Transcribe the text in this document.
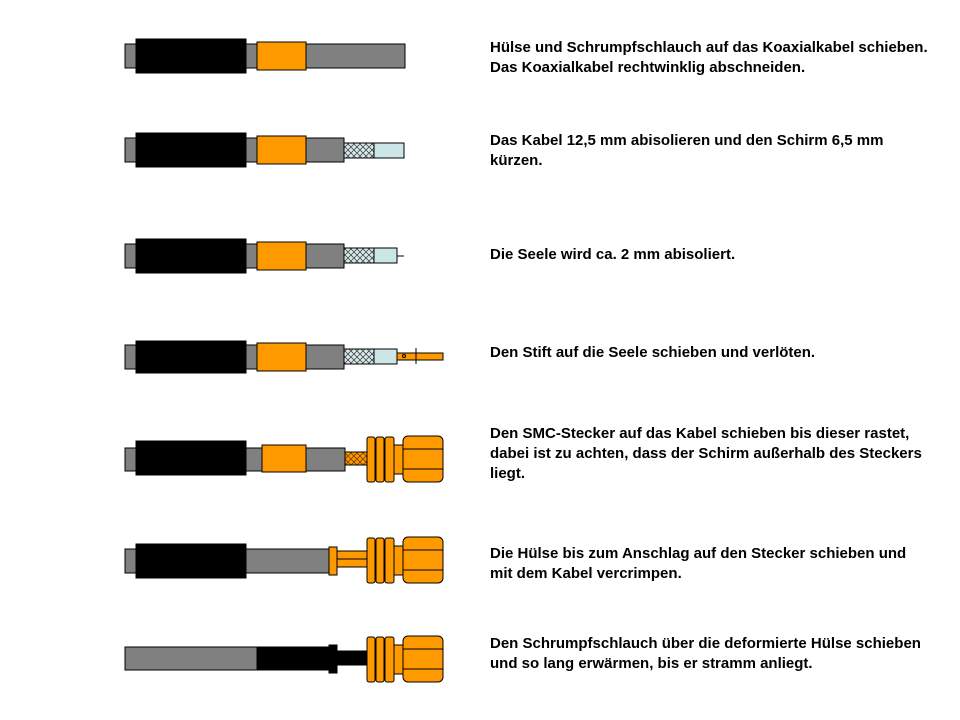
Hülse und Schrumpfschlauch auf das Koaxialkabel schieben. Das Koaxialkabel rechtwinklig abschneiden.
Das Kabel 12,5 mm abisolieren und den Schirm 6,5 mm kürzen.
Die Seele wird ca. 2 mm abisoliert.
Den Stift auf die Seele schieben und verlöten.
Den SMC-Stecker auf das Kabel schieben bis dieser rastet, dabei ist zu achten, dass der Schirm außerhalb des Steckers liegt.
Die Hülse bis zum Anschlag auf den Stecker schieben und mit dem Kabel vercrimpen.
Den Schrumpfschlauch über die deformierte Hülse schieben und so lang erwärmen, bis er stramm anliegt.
